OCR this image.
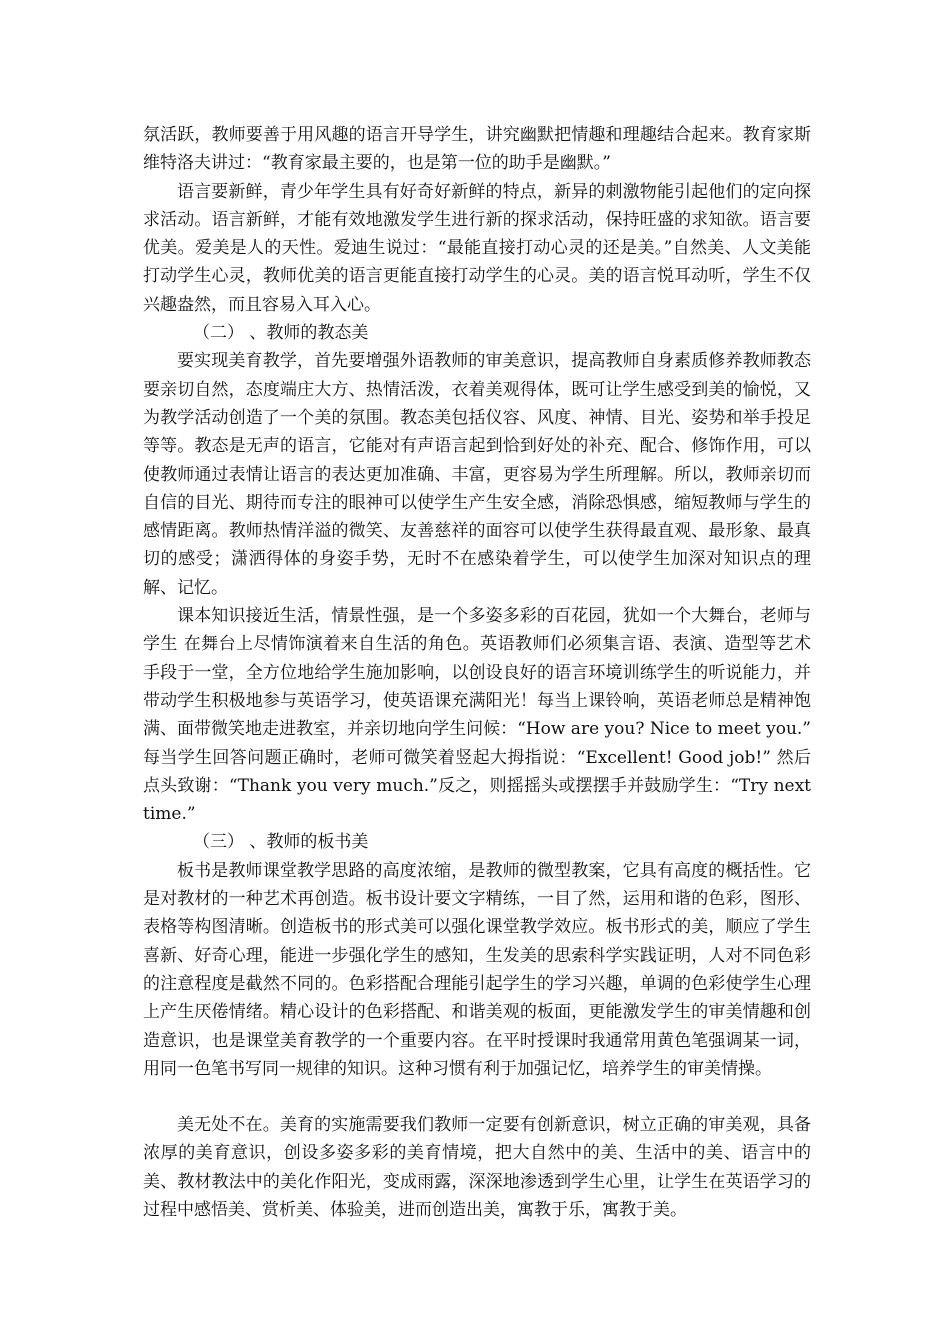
氛活跃，教师要善于用风趣的语言开导学生，讲究幽默把情趣和理趣结合起来。教育家斯维特洛夫讲过：“教育家最主要的，也是第一位的助手是幽默。”

语言要新鲜，青少年学生具有好奇好新鲜的特点，新异的刺激物能引起他们的定向探求活动。语言新鲜，才能有效地激发学生进行新的探求活动，保持旺盛的求知欲。语言要优美。爱美是人的天性。爱迪生说过：“最能直接打动心灵的还是美。”自然美、人文美能打动学生心灵，教师优美的语言更能直接打动学生的心灵。美的语言悦耳动听，学生不仅兴趣盎然，而且容易入耳入心。

（二） 、教师的教态美

要实现美育教学，首先要增强外语教师的审美意识，提高教师自身素质修养教师教态要亲切自然，态度端庄大方、热情活泼，衣着美观得体，既可让学生感受到美的愉悦，又为教学活动创造了一个美的氛围。教态美包括仪容、风度、神情、目光、姿势和举手投足等等。教态是无声的语言，它能对有声语言起到恰到好处的补充、配合、修饰作用，可以使教师通过表情让语言的表达更加准确、丰富，更容易为学生所理解。所以，教师亲切而自信的目光、期待而专注的眼神可以使学生产生安全感，消除恐惧感，缩短教师与学生的感情距离。教师热情洋溢的微笑、友善慈祥的面容可以使学生获得最直观、最形象、最真切的感受；潇洒得体的身姿手势，无时不在感染着学生，可以使学生加深对知识点的理解、记忆。

课本知识接近生活，情景性强，是一个多姿多彩的百花园，犹如一个大舞台，老师与学生 在舞台上尽情饰演着来自生活的角色。英语教师们必须集言语、表演、造型等艺术手段于一堂，全方位地给学生施加影响，以创设良好的语言环境训练学生的听说能力，并带动学生积极地参与英语学习，使英语课充满阳光！每当上课铃响，英语老师总是精神饱满、面带微笑地走进教室，并亲切地向学生问候：“How are you? Nice to meet you.” 每当学生回答问题正确时，老师可微笑着竖起大拇指说：“Excellent! Good job!” 然后点头致谢：“Thank you very much.”反之，则摇摇头或摆摆手并鼓励学生：“Try next time.”

（三） 、教师的板书美

板书是教师课堂教学思路的高度浓缩，是教师的微型教案，它具有高度的概括性。它是对教材的一种艺术再创造。板书设计要文字精练，一目了然，运用和谐的色彩，图形、表格等构图清晰。创造板书的形式美可以强化课堂教学效应。板书形式的美，顺应了学生喜新、好奇心理，能进一步强化学生的感知，生发美的思索科学实践证明，人对不同色彩的注意程度是截然不同的。色彩搭配合理能引起学生的学习兴趣，单调的色彩使学生心理上产生厌倦情绪。精心设计的色彩搭配、和谐美观的板面，更能激发学生的审美情趣和创造意识，也是课堂美育教学的一个重要内容。在平时授课时我通常用黄色笔强调某一词，用同一色笔书写同一规律的知识。这种习惯有利于加强记忆，培养学生的审美情操。

美无处不在。美育的实施需要我们教师一定要有创新意识，树立正确的审美观，具备浓厚的美育意识，创设多姿多彩的美育情境，把大自然中的美、生活中的美、语言中的美、教材教法中的美化作阳光，变成雨露，深深地渗透到学生心里，让学生在英语学习的过程中感悟美、赏析美、体验美，进而创造出美，寓教于乐，寓教于美。
